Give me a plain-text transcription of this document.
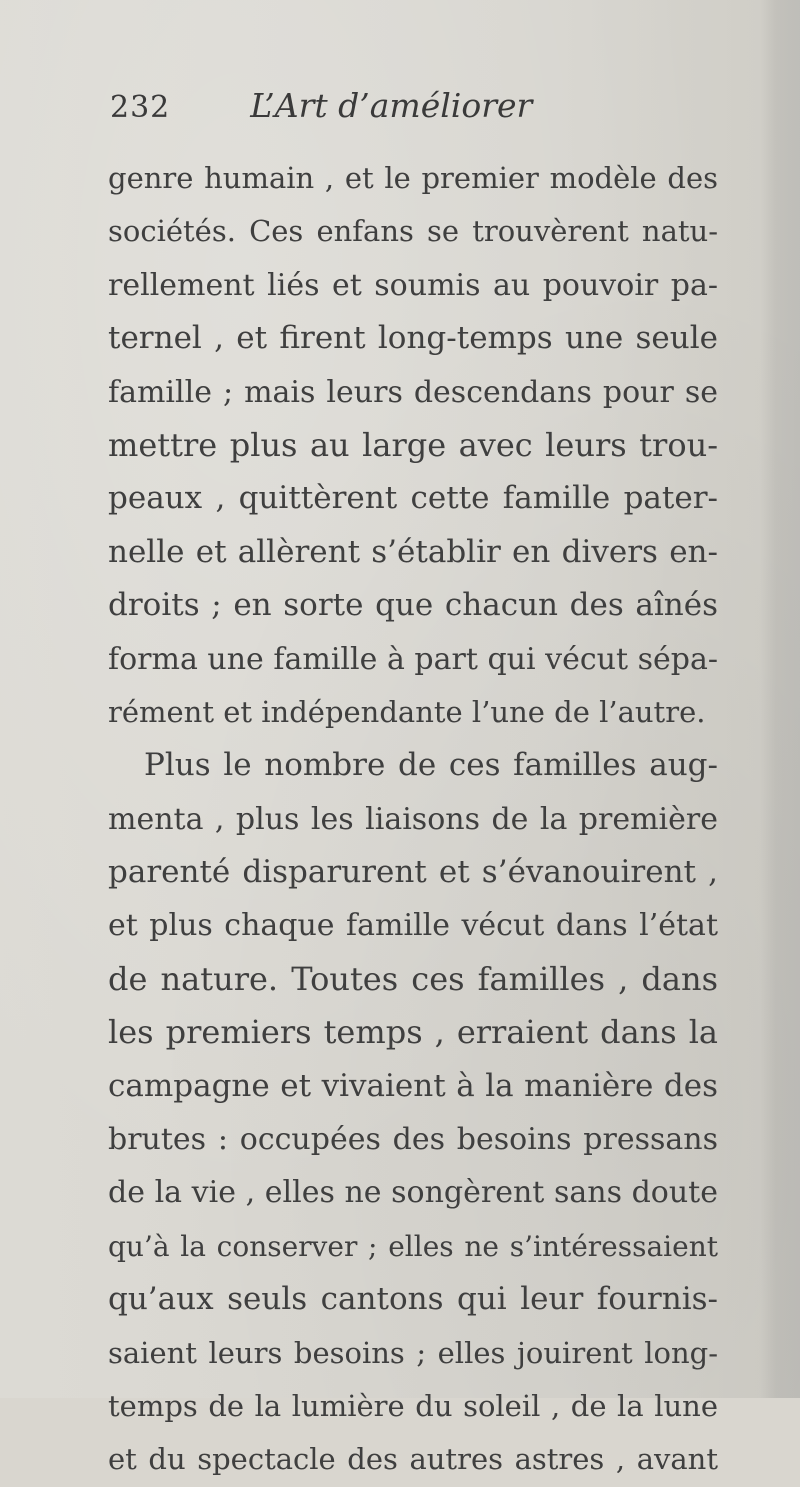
232 L’Art d’améliorer
genre humain , et le premier modèle des
sociétés. Ces enfans se trouvèrent natu-
rellement liés et soumis au pouvoir pa-
ternel , et firent long-temps une seule
famille ; mais leurs descendans pour se
mettre plus au large avec leurs trou-
peaux , quittèrent cette famille pater-
nelle et allèrent s’établir en divers en-
droits ; en sorte que chacun des aînés
forma une famille à part qui vécut sépa-
rément et indépendante l’une de l’autre.
Plus le nombre de ces familles aug-
menta , plus les liaisons de la première
parenté disparurent et s’évanouirent ,
et plus chaque famille vécut dans l’état
de nature. Toutes ces familles , dans
les premiers temps , erraient dans la
campagne et vivaient à la manière des
brutes : occupées des besoins pressans
de la vie , elles ne songèrent sans doute
qu’à la conserver ; elles ne s’intéressaient
qu’aux seuls cantons qui leur fournis-
saient leurs besoins ; elles jouirent long-
temps de la lumière du soleil , de la lune
et du spectacle des autres astres , avant
